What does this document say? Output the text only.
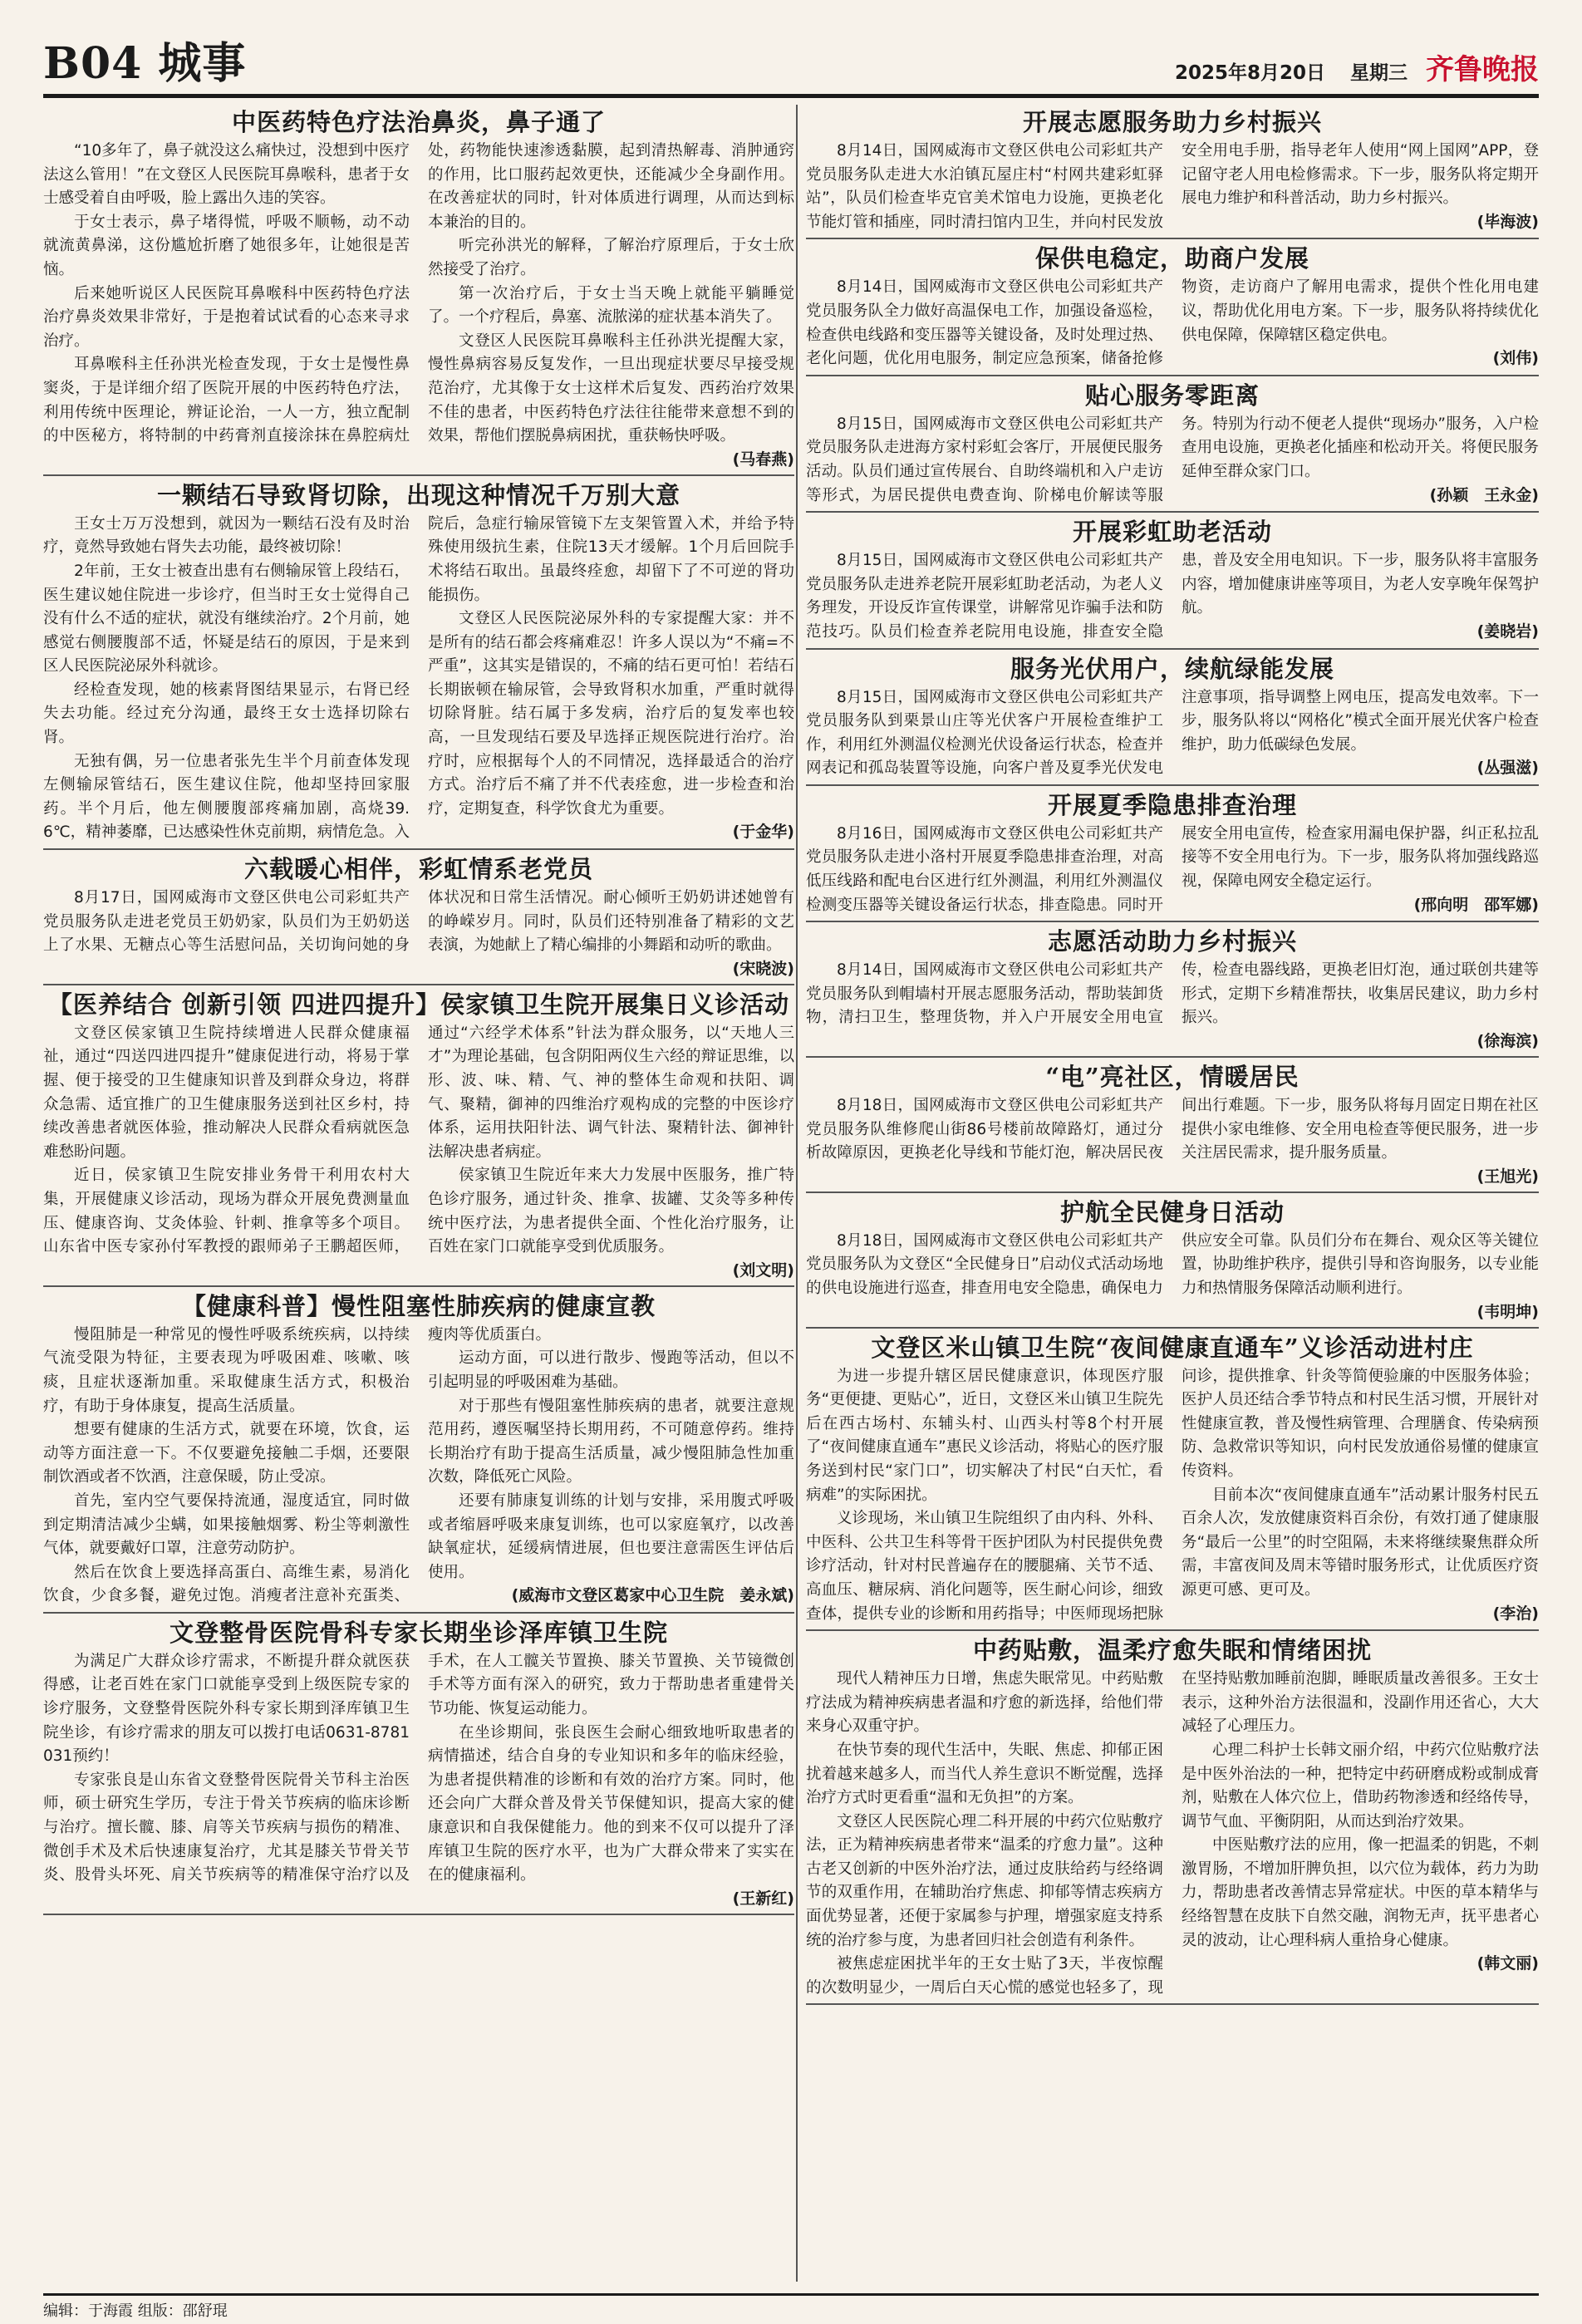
B04 城事	2025年8月20日 星期三 齐鲁晚报
中医药特色疗法治鼻炎，鼻子通了

“10多年了，鼻子就没这么痛快过，没想到中医疗法这么管用！”在文登区人民医院耳鼻喉科，患者于女士感受着自由呼吸，脸上露出久违的笑容。

于女士表示，鼻子堵得慌，呼吸不顺畅，动不动就流黄鼻涕，这份尴尬折磨了她很多年，让她很是苦恼。

后来她听说区人民医院耳鼻喉科中医药特色疗法治疗鼻炎效果非常好，于是抱着试试看的心态来寻求治疗。

耳鼻喉科主任孙洪光检查发现，于女士是慢性鼻窦炎，于是详细介绍了医院开展的中医药特色疗法，利用传统中医理论，辨证论治，一人一方，独立配制的中医秘方，将特制的中药膏剂直接涂抹在鼻腔病灶处，药物能快速渗透黏膜，起到清热解毒、消肿通窍的作用，比口服药起效更快，还能减少全身副作用。在改善症状的同时，针对体质进行调理，从而达到标本兼治的目的。

听完孙洪光的解释，了解治疗原理后，于女士欣然接受了治疗。

第一次治疗后，于女士当天晚上就能平躺睡觉了。一个疗程后，鼻塞、流脓涕的症状基本消失了。

文登区人民医院耳鼻喉科主任孙洪光提醒大家，慢性鼻病容易反复发作，一旦出现症状要尽早接受规范治疗，尤其像于女士这样术后复发、西药治疗效果不佳的患者，中医药特色疗法往往能带来意想不到的效果，帮他们摆脱鼻病困扰，重获畅快呼吸。

(马春燕)
一颗结石导致肾切除，出现这种情况千万别大意

王女士万万没想到，就因为一颗结石没有及时治疗，竟然导致她右肾失去功能，最终被切除！

2年前，王女士被查出患有右侧输尿管上段结石，医生建议她住院进一步诊疗，但当时王女士觉得自己没有什么不适的症状，就没有继续治疗。2个月前，她感觉右侧腰腹部不适，怀疑是结石的原因，于是来到区人民医院泌尿外科就诊。

经检查发现，她的核素肾图结果显示，右肾已经失去功能。经过充分沟通，最终王女士选择切除右肾。

无独有偶，另一位患者张先生半个月前查体发现左侧输尿管结石，医生建议住院，他却坚持回家服药。半个月后，他左侧腰腹部疼痛加剧，高烧39.6℃，精神萎靡，已达感染性休克前期，病情危急。入院后，急症行输尿管镜下左支架管置入术，并给予特殊使用级抗生素，住院13天才缓解。1个月后回院手术将结石取出。虽最终痊愈，却留下了不可逆的肾功能损伤。

文登区人民医院泌尿外科的专家提醒大家：并不是所有的结石都会疼痛难忍！许多人误以为“不痛=不严重”，这其实是错误的，不痛的结石更可怕！若结石长期嵌顿在输尿管，会导致肾积水加重，严重时就得切除肾脏。结石属于多发病，治疗后的复发率也较高，一旦发现结石要及早选择正规医院进行治疗。治疗时，应根据每个人的不同情况，选择最适合的治疗方式。治疗后不痛了并不代表痊愈，进一步检查和治疗，定期复查，科学饮食尤为重要。

(于金华)
六载暖心相伴，彩虹情系老党员

8月17日，国网威海市文登区供电公司彩虹共产党员服务队走进老党员王奶奶家，队员们为王奶奶送上了水果、无糖点心等生活慰问品，关切询问她的身体状况和日常生活情况。耐心倾听王奶奶讲述她曾有的峥嵘岁月。同时，队员们还特别准备了精彩的文艺表演，为她献上了精心编排的小舞蹈和动听的歌曲。

(宋晓波)
【医养结合 创新引领 四进四提升】侯家镇卫生院开展集日义诊活动

文登区侯家镇卫生院持续增进人民群众健康福祉，通过“四送四进四提升”健康促进行动，将易于掌握、便于接受的卫生健康知识普及到群众身边，将群众急需、适宜推广的卫生健康服务送到社区乡村，持续改善患者就医体验，推动解决人民群众看病就医急难愁盼问题。

近日，侯家镇卫生院安排业务骨干利用农村大集，开展健康义诊活动，现场为群众开展免费测量血压、健康咨询、艾灸体验、针刺、推拿等多个项目。山东省中医专家孙付军教授的跟师弟子王鹏超医师，通过“六经学术体系”针法为群众服务，以“天地人三才”为理论基础，包含阴阳两仪生六经的辩证思维，以形、波、味、精、气、神的整体生命观和扶阳、调气、聚精，御神的四维治疗观构成的完整的中医诊疗体系，运用扶阳针法、调气针法、聚精针法、御神针法解决患者病症。

侯家镇卫生院近年来大力发展中医服务，推广特色诊疗服务，通过针灸、推拿、拔罐、艾灸等多种传统中医疗法，为患者提供全面、个性化治疗服务，让百姓在家门口就能享受到优质服务。

(刘文明)
【健康科普】慢性阻塞性肺疾病的健康宣教

慢阻肺是一种常见的慢性呼吸系统疾病，以持续气流受限为特征，主要表现为呼吸困难、咳嗽、咳痰，且症状逐渐加重。采取健康生活方式，积极治疗，有助于身体康复，提高生活质量。

想要有健康的生活方式，就要在环境，饮食，运动等方面注意一下。不仅要避免接触二手烟，还要限制饮酒或者不饮酒，注意保暖，防止受凉。

首先，室内空气要保持流通，湿度适宜，同时做到定期清洁减少尘螨，如果接触烟雾、粉尘等刺激性气体，就要戴好口罩，注意劳动防护。

然后在饮食上要选择高蛋白、高维生素，易消化饮食，少食多餐，避免过饱。消瘦者注意补充蛋类、瘦肉等优质蛋白。

运动方面，可以进行散步、慢跑等活动，但以不引起明显的呼吸困难为基础。

对于那些有慢阻塞性肺疾病的患者，就要注意规范用药，遵医嘱坚持长期用药，不可随意停药。维持长期治疗有助于提高生活质量，减少慢阻肺急性加重次数，降低死亡风险。

还要有肺康复训练的计划与安排，采用腹式呼吸或者缩唇呼吸来康复训练，也可以家庭氧疗，以改善缺氧症状，延缓病情进展，但也要注意需医生评估后使用。

(威海市文登区葛家中心卫生院　姜永斌)
文登整骨医院骨科专家长期坐诊泽库镇卫生院

为满足广大群众诊疗需求，不断提升群众就医获得感，让老百姓在家门口就能享受到上级医院专家的诊疗服务，文登整骨医院外科专家长期到泽库镇卫生院坐诊，有诊疗需求的朋友可以拨打电话0631-8781031预约！

专家张良是山东省文登整骨医院骨关节科主治医师，硕士研究生学历，专注于骨关节疾病的临床诊断与治疗。擅长髋、膝、肩等关节疾病与损伤的精准、微创手术及术后快速康复治疗，尤其是膝关节骨关节炎、股骨头坏死、肩关节疾病等的精准保守治疗以及手术，在人工髋关节置换、膝关节置换、关节镜微创手术等方面有深入的研究，致力于帮助患者重建骨关节功能、恢复运动能力。

在坐诊期间，张良医生会耐心细致地听取患者的病情描述，结合自身的专业知识和多年的临床经验，为患者提供精准的诊断和有效的治疗方案。同时，他还会向广大群众普及骨关节保健知识，提高大家的健康意识和自我保健能力。他的到来不仅可以提升了泽库镇卫生院的医疗水平，也为广大群众带来了实实在在的健康福利。

(王新红)
开展志愿服务助力乡村振兴

8月14日，国网威海市文登区供电公司彩虹共产党员服务队走进大水泊镇瓦屋庄村“村网共建彩虹驿站”，队员们检查毕克官美术馆电力设施，更换老化节能灯管和插座，同时清扫馆内卫生，并向村民发放安全用电手册，指导老年人使用“网上国网”APP，登记留守老人用电检修需求。下一步，服务队将定期开展电力维护和科普活动，助力乡村振兴。

(毕海波)
保供电稳定，助商户发展

8月14日，国网威海市文登区供电公司彩虹共产党员服务队全力做好高温保电工作，加强设备巡检，检查供电线路和变压器等关键设备，及时处理过热、老化问题，优化用电服务，制定应急预案，储备抢修物资，走访商户了解用电需求，提供个性化用电建议，帮助优化用电方案。下一步，服务队将持续优化供电保障，保障辖区稳定供电。

(刘伟)
贴心服务零距离

8月15日，国网威海市文登区供电公司彩虹共产党员服务队走进海方家村彩虹会客厅，开展便民服务活动。队员们通过宣传展台、自助终端机和入户走访等形式，为居民提供电费查询、阶梯电价解读等服务。特别为行动不便老人提供“现场办”服务，入户检查用电设施，更换老化插座和松动开关。将便民服务延伸至群众家门口。

(孙颖　王永金)
开展彩虹助老活动

8月15日，国网威海市文登区供电公司彩虹共产党员服务队走进养老院开展彩虹助老活动，为老人义务理发，开设反诈宣传课堂，讲解常见诈骗手法和防范技巧。队员们检查养老院用电设施，排查安全隐患，普及安全用电知识。下一步，服务队将丰富服务内容，增加健康讲座等项目，为老人安享晚年保驾护航。

(姜晓岩)
服务光伏用户，续航绿能发展

8月15日，国网威海市文登区供电公司彩虹共产党员服务队到栗景山庄等光伏客户开展检查维护工作，利用红外测温仪检测光伏设备运行状态，检查并网表记和孤岛装置等设施，向客户普及夏季光伏发电注意事项，指导调整上网电压，提高发电效率。下一步，服务队将以“网格化”模式全面开展光伏客户检查维护，助力低碳绿色发展。

(丛强滋)
开展夏季隐患排查治理

8月16日，国网威海市文登区供电公司彩虹共产党员服务队走进小洛村开展夏季隐患排查治理，对高低压线路和配电台区进行红外测温，利用红外测温仪检测变压器等关键设备运行状态，排查隐患。同时开展安全用电宣传，检查家用漏电保护器，纠正私拉乱接等不安全用电行为。下一步，服务队将加强线路巡视，保障电网安全稳定运行。

(邢向明　邵军娜)
志愿活动助力乡村振兴

8月14日，国网威海市文登区供电公司彩虹共产党员服务队到帽墙村开展志愿服务活动，帮助装卸货物，清扫卫生，整理货物，并入户开展安全用电宣传，检查电器线路，更换老旧灯泡，通过联创共建等形式，定期下乡精准帮扶，收集居民建议，助力乡村振兴。

(徐海滨)
“电”亮社区，情暖居民

8月18日，国网威海市文登区供电公司彩虹共产党员服务队维修爬山街86号楼前故障路灯，通过分析故障原因，更换老化导线和节能灯泡，解决居民夜间出行难题。下一步，服务队将每月固定日期在社区提供小家电维修、安全用电检查等便民服务，进一步关注居民需求，提升服务质量。

(王旭光)
护航全民健身日活动

8月18日，国网威海市文登区供电公司彩虹共产党员服务队为文登区“全民健身日”启动仪式活动场地的供电设施进行巡查，排查用电安全隐患，确保电力供应安全可靠。队员们分布在舞台、观众区等关键位置，协助维护秩序，提供引导和咨询服务，以专业能力和热情服务保障活动顺利进行。

(韦明坤)
文登区米山镇卫生院“夜间健康直通车”义诊活动进村庄

为进一步提升辖区居民健康意识，体现医疗服务“更便捷、更贴心”，近日，文登区米山镇卫生院先后在西古场村、东辅头村、山西头村等8个村开展了“夜间健康直通车”惠民义诊活动，将贴心的医疗服务送到村民“家门口”，切实解决了村民“白天忙，看病难”的实际困扰。

义诊现场，米山镇卫生院组织了由内科、外科、中医科、公共卫生科等骨干医护团队为村民提供免费诊疗活动，针对村民普遍存在的腰腿痛、关节不适、高血压、糖尿病、消化问题等，医生耐心问诊，细致查体，提供专业的诊断和用药指导；中医师现场把脉问诊，提供推拿、针灸等简便验廉的中医服务体验；医护人员还结合季节特点和村民生活习惯，开展针对性健康宣教，普及慢性病管理、合理膳食、传染病预防、急救常识等知识，向村民发放通俗易懂的健康宣传资料。

目前本次“夜间健康直通车”活动累计服务村民五百余人次，发放健康资料百余份，有效打通了健康服务“最后一公里”的时空阻隔，未来将继续聚焦群众所需，丰富夜间及周末等错时服务形式，让优质医疗资源更可感、更可及。

(李治)
中药贴敷，温柔疗愈失眠和情绪困扰

现代人精神压力日增，焦虑失眠常见。中药贴敷疗法成为精神疾病患者温和疗愈的新选择，给他们带来身心双重守护。

在快节奏的现代生活中，失眠、焦虑、抑郁正困扰着越来越多人，而当代人养生意识不断觉醒，选择治疗方式时更看重“温和无负担”的方案。

文登区人民医院心理二科开展的中药穴位贴敷疗法，正为精神疾病患者带来“温柔的疗愈力量”。这种古老又创新的中医外治疗法，通过皮肤给药与经络调节的双重作用，在辅助治疗焦虑、抑郁等情志疾病方面优势显著，还便于家属参与护理，增强家庭支持系统的治疗参与度，为患者回归社会创造有利条件。

被焦虑症困扰半年的王女士贴了3天，半夜惊醒的次数明显少，一周后白天心慌的感觉也轻多了，现在坚持贴敷加睡前泡脚，睡眠质量改善很多。王女士表示，这种外治方法很温和，没副作用还省心，大大减轻了心理压力。

心理二科护士长韩文丽介绍，中药穴位贴敷疗法是中医外治法的一种，把特定中药研磨成粉或制成膏剂，贴敷在人体穴位上，借助药物渗透和经络传导，调节气血、平衡阴阳，从而达到治疗效果。

中医贴敷疗法的应用，像一把温柔的钥匙，不刺激胃肠，不增加肝脾负担，以穴位为载体，药力为助力，帮助患者改善情志异常症状。中医的草本精华与经络智慧在皮肤下自然交融，润物无声，抚平患者心灵的波动，让心理科病人重拾身心健康。

(韩文丽)
编辑：于海霞 组版：邵舒琨
